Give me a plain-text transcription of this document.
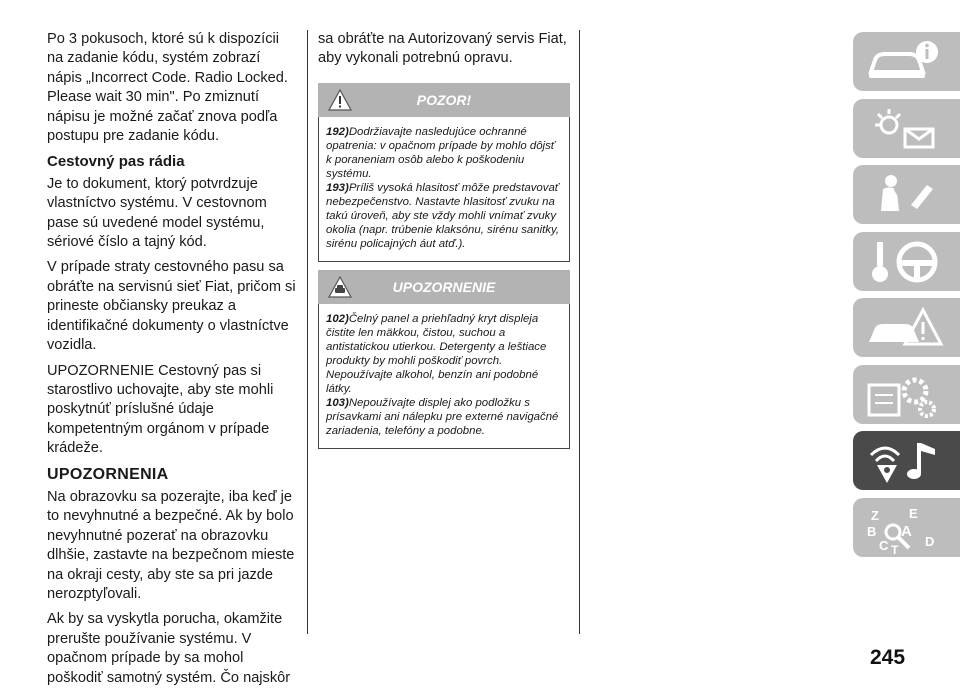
Po 3 pokusoch, ktoré sú k dispozícii na zadanie kódu, systém zobrazí nápis „Incorrect Code. Radio Locked. Please wait 30 min". Po zmiznutí nápisu je možné začať znova podľa postupu pre zadanie kódu.

Cestovný pas rádia

Je to dokument, ktorý potvrdzuje vlastníctvo systému. V cestovnom pase sú uvedené model systému, sériové číslo a tajný kód.

V prípade straty cestovného pasu sa obráťte na servisnú sieť Fiat, pričom si prineste občiansky preukaz a identifikačné dokumenty o vlastníctve vozidla.

UPOZORNENIE Cestovný pas si starostlivo uchovajte, aby ste mohli poskytnúť príslušné údaje kompetentným orgánom v prípade krádeže.

UPOZORNENIA

Na obrazovku sa pozerajte, iba keď je to nevyhnutné a bezpečné. Ak by bolo nevyhnutné pozerať na obrazovku dlhšie, zastavte na bezpečnom mieste na okraji cesty, aby ste sa pri jazde nerozptyľovali.

Ak by sa vyskytla porucha, okamžite prerušte používanie systému. V opačnom prípade by sa mohol poškodiť samotný systém. Čo najskôr

sa obráťte na Autorizovaný servis Fiat, aby vykonali potrebnú opravu.

POZOR!
192)Dodržiavajte nasledujúce ochranné opatrenia: v opačnom prípade by mohlo dôjsť k poraneniam osôb alebo k poškodeniu systému.
193)Príliš vysoká hlasitosť môže predstavovať nebezpečenstvo. Nastavte hlasitosť zvuku na takú úroveň, aby ste vždy mohli vnímať zvuky okolia (napr. trúbenie klaksónu, sirénu sanitky, sirénu policajných áut atď.).
UPOZORNENIE
102)Čelný panel a priehľadný kryt displeja čistite len mäkkou, čistou, suchou a antistatickou utierkou. Detergenty a leštiace produkty by mohli poškodiť povrch. Nepoužívajte alkohol, benzín ani podobné látky.
103)Nepoužívajte displej ako podložku s prísavkami ani nálepku pre externé navigačné zariadenia, telefóny a podobne.
Z E
B A
C	D
T
245
